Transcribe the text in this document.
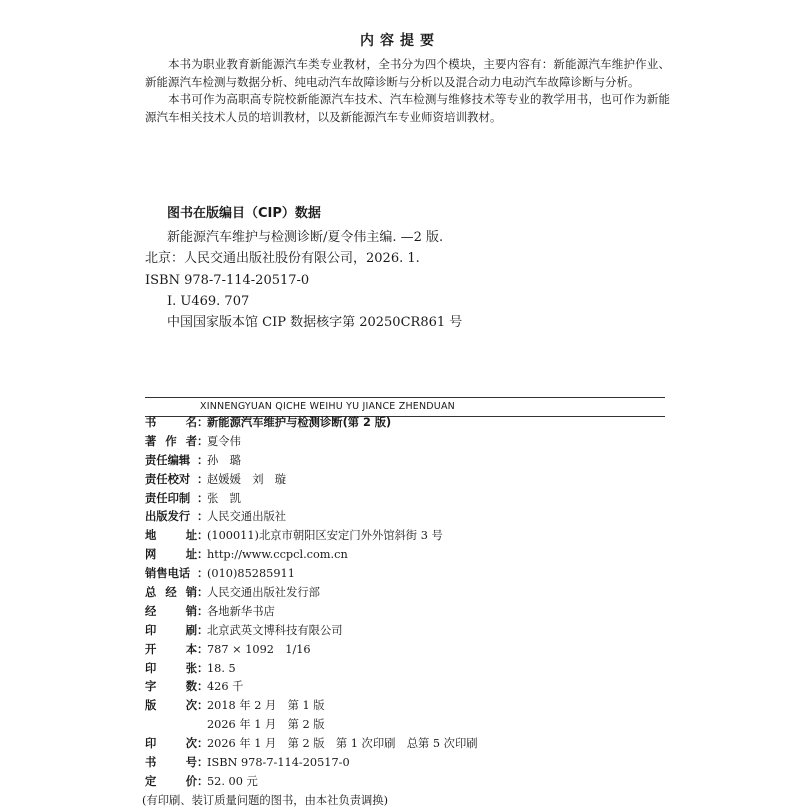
内容提要

本书为职业教育新能源汽车类专业教材，全书分为四个模块，主要内容有：新能源汽车维护作业、新能源汽车检测与数据分析、纯电动汽车故障诊断与分析以及混合动力电动汽车故障诊断与分析。

本书可作为高职高专院校新能源汽车技术、汽车检测与维修技术等专业的教学用书，也可作为新能源汽车相关技术人员的培训教材，以及新能源汽车专业师资培训教材。

图书在版编目（CIP）数据
新能源汽车维护与检测诊断/夏令伟主编. —2 版.
北京：人民交通出版社股份有限公司，2026. 1.
ISBN 978-7-114-20517-0
Ⅰ. U469. 707
中国国家版本馆 CIP 数据核字第 20250CR861 号
XINNENGYUAN QICHE WEIHU YU JIANCE ZHENDUAN
书	名 ：
新能源汽车维护与检测诊断(第 2 版)
著 作 者 ：
夏令伟
责任编辑 ：
孙　璐
责任校对 ：
赵媛媛　刘　璇
责任印制 ：
张　凯
出版发行 ：
人民交通出版社
地	址 ：
(100011)北京市朝阳区安定门外外馆斜街 3 号
网	址 ：
http://www.ccpcl.com.cn
销售电话 ：
(010)85285911
总 经 销 ：
人民交通出版社发行部
经	销 ：
各地新华书店
印	刷 ：
北京武英文博科技有限公司
开	本 ：
787 × 1092　1/16
印	张 ：
18. 5
字	数 ：
426 千
版	次 ：
2018 年 2 月　第 1 版
2026 年 1 月　第 2 版
印	次 ：
2026 年 1 月　第 2 版　第 1 次印刷　总第 5 次印刷
书	号 ：
ISBN 978-7-114-20517-0
定	价 ：
52. 00 元
(有印刷、装订质量问题的图书，由本社负责调换)
